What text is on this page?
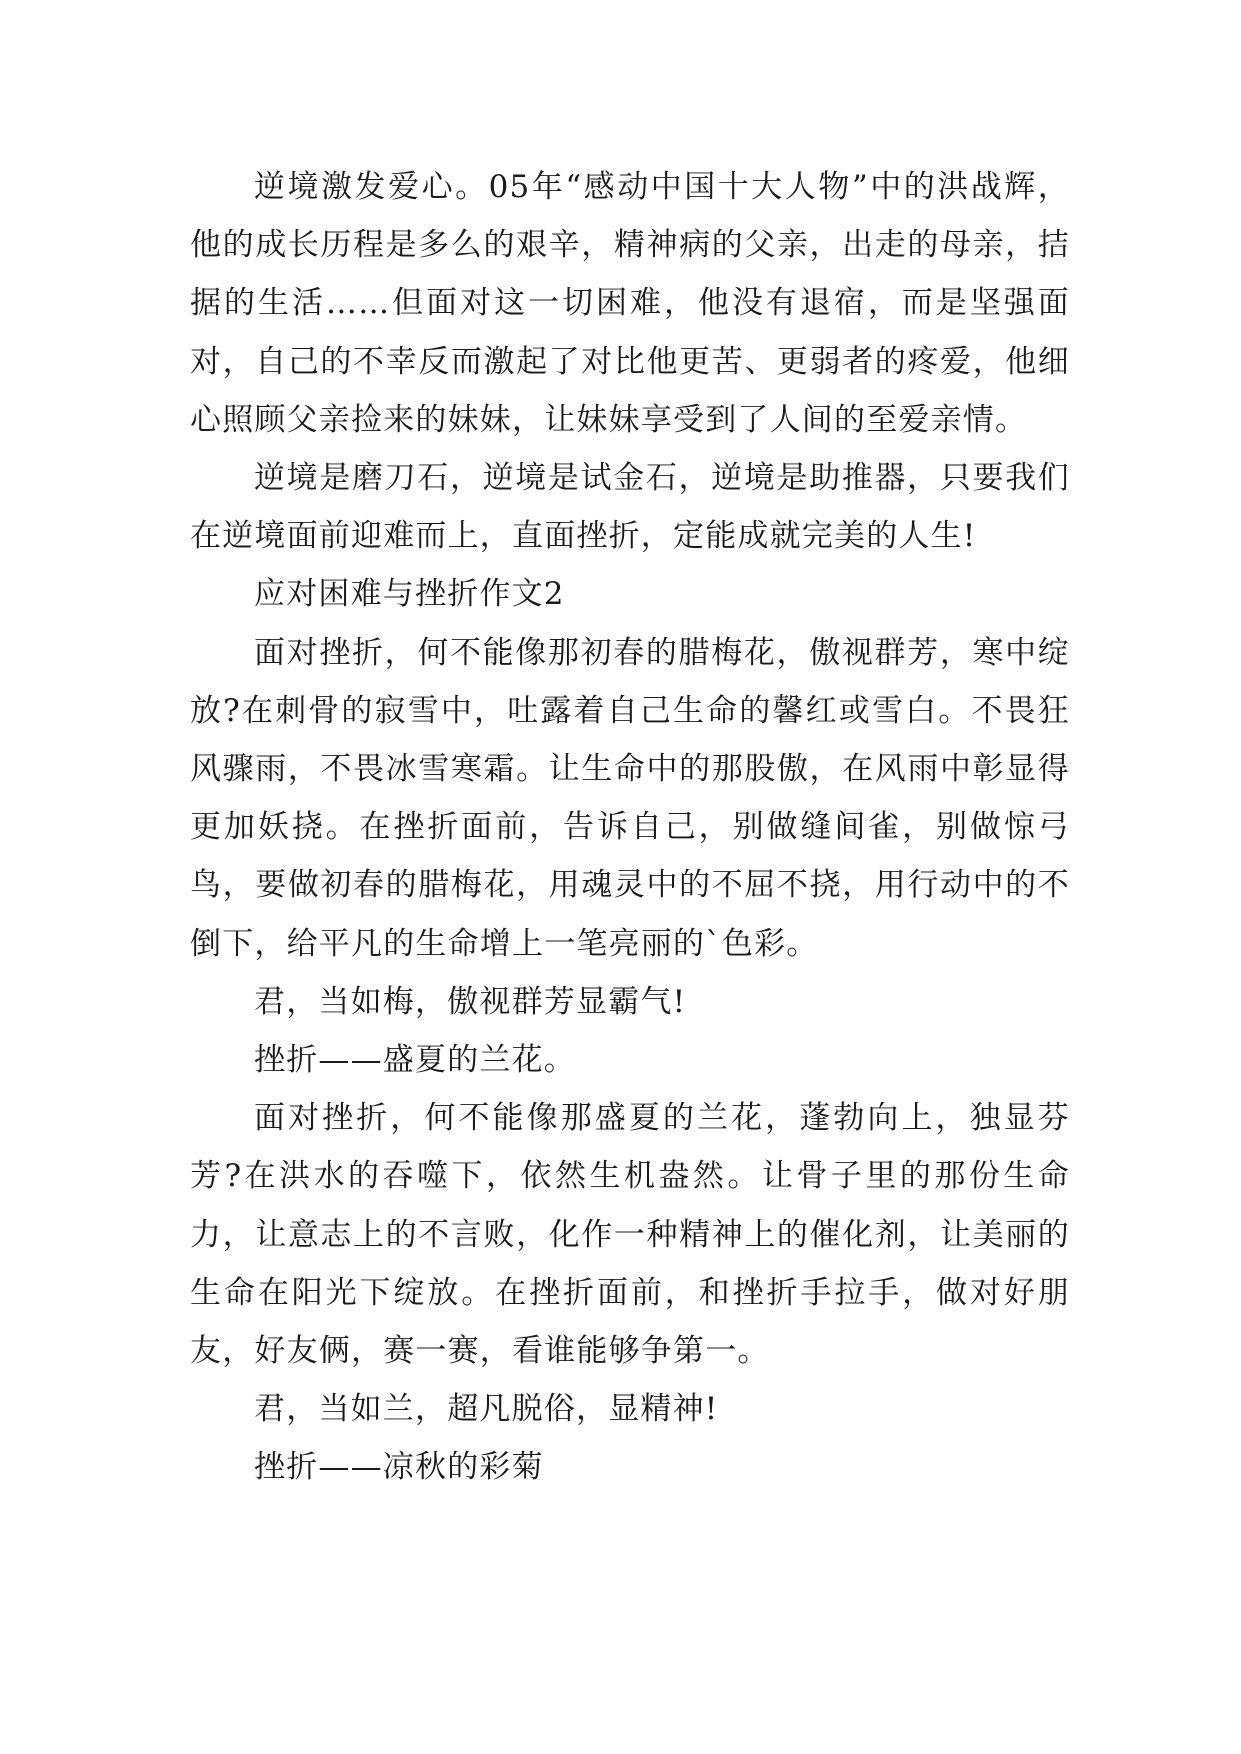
逆境激发爱心。05年“感动中国十大人物”中的洪战辉，他的成长历程是多么的艰辛，精神病的父亲，出走的母亲，拮据的生活……但面对这一切困难，他没有退宿，而是坚强面对，自己的不幸反而激起了对比他更苦、更弱者的疼爱，他细心照顾父亲捡来的妹妹，让妹妹享受到了人间的至爱亲情。

逆境是磨刀石，逆境是试金石，逆境是助推器，只要我们在逆境面前迎难而上，直面挫折，定能成就完美的人生!

应对困难与挫折作文2

面对挫折，何不能像那初春的腊梅花，傲视群芳，寒中绽放?在刺骨的寂雪中，吐露着自己生命的馨红或雪白。不畏狂风骤雨，不畏冰雪寒霜。让生命中的那股傲，在风雨中彰显得更加妖挠。在挫折面前，告诉自己，别做缝间雀，别做惊弓鸟，要做初春的腊梅花，用魂灵中的不屈不挠，用行动中的不倒下，给平凡的生命增上一笔亮丽的`色彩。

君，当如梅，傲视群芳显霸气!

挫折——盛夏的兰花。

面对挫折，何不能像那盛夏的兰花，蓬勃向上，独显芬芳?在洪水的吞噬下，依然生机盎然。让骨子里的那份生命力，让意志上的不言败，化作一种精神上的催化剂，让美丽的生命在阳光下绽放。在挫折面前，和挫折手拉手，做对好朋友，好友俩，赛一赛，看谁能够争第一。

君，当如兰，超凡脱俗，显精神!

挫折——凉秋的彩菊
